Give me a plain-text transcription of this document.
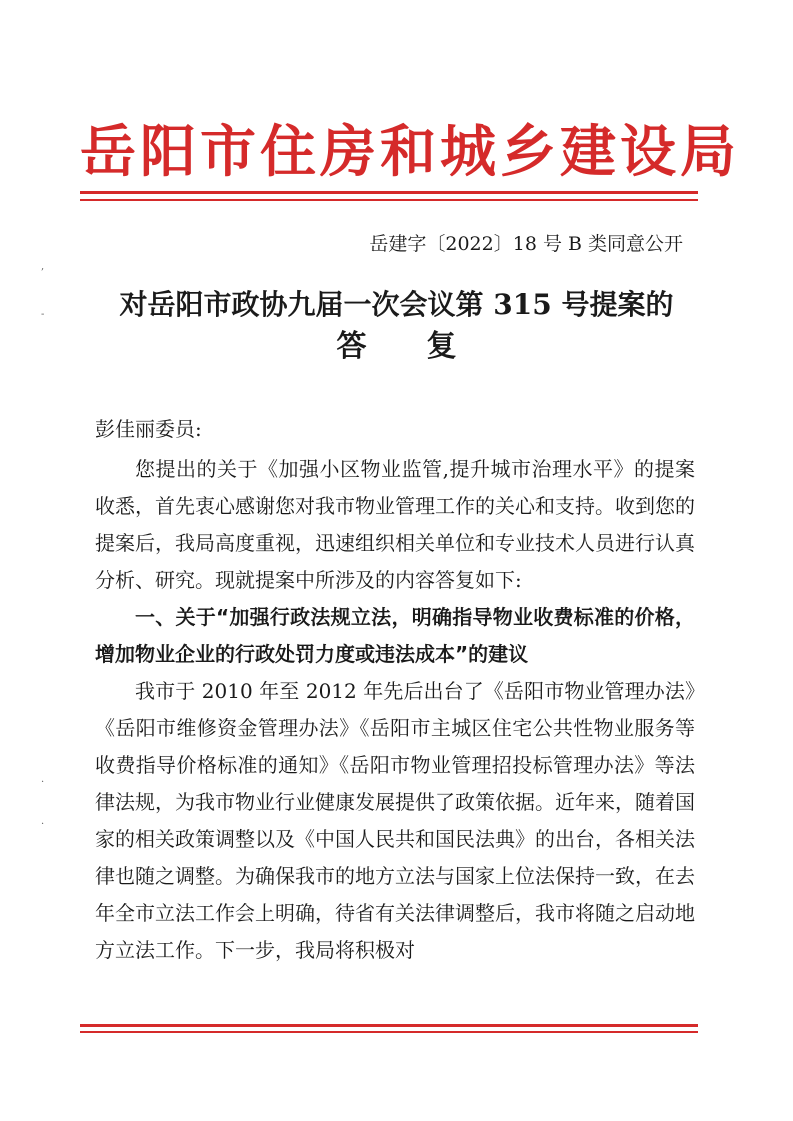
岳阳市住房和城乡建设局
,
-
·
·
岳建字〔2022〕18 号 B 类同意公开
对岳阳市政协九届一次会议第 315 号提案的
答复
彭佳丽委员:

您提出的关于《加强小区物业监管,提升城市治理水平》的提案收悉，首先衷心感谢您对我市物业管理工作的关心和支持。收到您的提案后，我局高度重视，迅速组织相关单位和专业技术人员进行认真分析、研究。现就提案中所涉及的内容答复如下:

一、关于“加强行政法规立法，明确指导物业收费标准的价格，增加物业企业的行政处罚力度或违法成本”的建议

我市于 2010 年至 2012 年先后出台了《岳阳市物业管理办法》《岳阳市维修资金管理办法》《岳阳市主城区住宅公共性物业服务等收费指导价格标准的通知》《岳阳市物业管理招投标管理办法》等法律法规，为我市物业行业健康发展提供了政策依据。近年来，随着国家的相关政策调整以及《中国人民共和国民法典》的出台，各相关法律也随之调整。为确保我市的地方立法与国家上位法保持一致，在去年全市立法工作会上明确，待省有关法律调整后，我市将随之启动地方立法工作。下一步，我局将积极对
